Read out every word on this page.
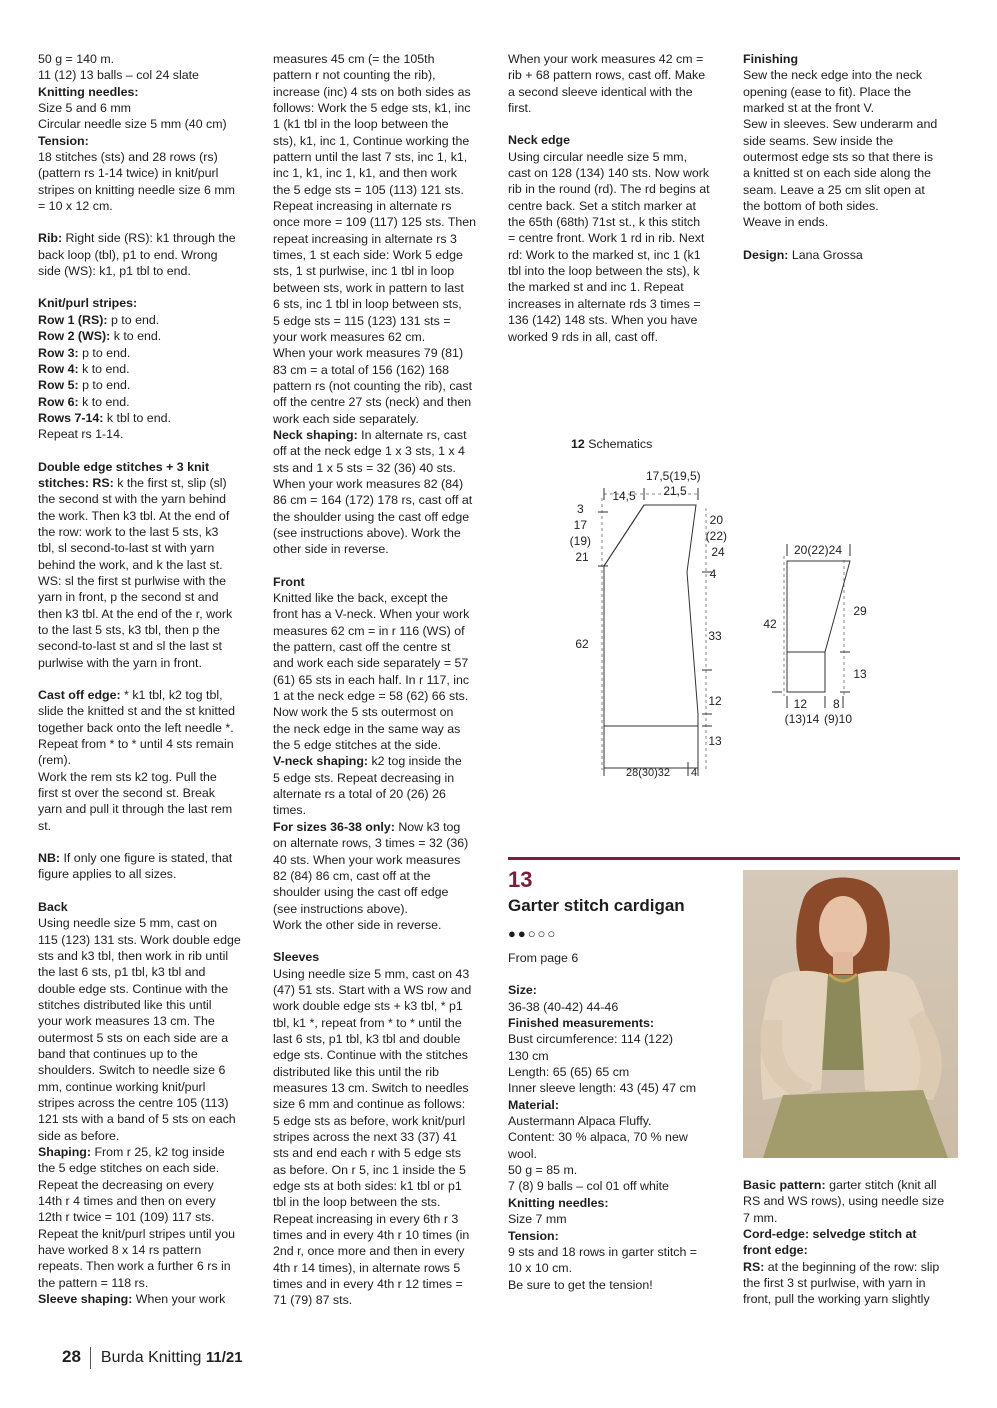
50 g = 140 m.

11 (12) 13 balls – col 24 slate

Knitting needles:

Size 5 and 6 mm

Circular needle size 5 mm (40 cm)

Tension:

18 stitches (sts) and 28 rows (rs)
(pattern rs 1-14 twice) in knit/purl
stripes on knitting needle size 6 mm
= 10 x 12 cm.

Rib: Right side (RS): k1 through the
back loop (tbl), p1 to end. Wrong
side (WS): k1, p1 tbl to end.

Knit/purl stripes:

Row 1 (RS): p to end.

Row 2 (WS): k to end.

Row 3: p to end.

Row 4: k to end.

Row 5: p to end.

Row 6: k to end.

Rows 7-14: k tbl to end.

Repeat rs 1-14.

Double edge stitches + 3 knit
stitches: RS: k the first st, slip (sl)
the second st with the yarn behind
the work. Then k3 tbl. At the end of
the row: work to the last 5 sts, k3
tbl, sl second-to-last st with yarn
behind the work, and k the last st.
WS: sl the first st purlwise with the
yarn in front, p the second st and
then k3 tbl. At the end of the r, work
to the last 5 sts, k3 tbl, then p the
second-to-last st and sl the last st
purlwise with the yarn in front.

Cast off edge: * k1 tbl, k2 tog tbl,
slide the knitted st and the st knitted
together back onto the left needle *.
Repeat from * to * until 4 sts remain
(rem).
Work the rem sts k2 tog. Pull the
first st over the second st. Break
yarn and pull it through the last rem
st.

NB: If only one figure is stated, that
figure applies to all sizes.

Back

Using needle size 5 mm, cast on
115 (123) 131 sts. Work double edge
sts and k3 tbl, then work in rib until
the last 6 sts, p1 tbl, k3 tbl and
double edge sts. Continue with the
stitches distributed like this until
your work measures 13 cm. The
outermost 5 sts on each side are a
band that continues up to the
shoulders. Switch to needle size 6
mm, continue working knit/purl
stripes across the centre 105 (113)
121 sts with a band of 5 sts on each
side as before.

Shaping: From r 25, k2 tog inside
the 5 edge stitches on each side.
Repeat the decreasing on every
14th r 4 times and then on every
12th r twice = 101 (109) 117 sts.
Repeat the knit/purl stripes until you
have worked 8 x 14 rs pattern
repeats. Then work a further 6 rs in
the pattern = 118 rs.

Sleeve shaping: When your work

measures 45 cm (= the 105th
pattern r not counting the rib),
increase (inc) 4 sts on both sides as
follows: Work the 5 edge sts, k1, inc
1 (k1 tbl in the loop between the
sts), k1, inc 1, Continue working the
pattern until the last 7 sts, inc 1, k1,
inc 1, k1, inc 1, k1, and then work
the 5 edge sts = 105 (113) 121 sts.
Repeat increasing in alternate rs
once more = 109 (117) 125 sts. Then
repeat increasing in alternate rs 3
times, 1 st each side: Work 5 edge
sts, 1 st purlwise, inc 1 tbl in loop
between sts, work in pattern to last
6 sts, inc 1 tbl in loop between sts,
5 edge sts = 115 (123) 131 sts =
your work measures 62 cm.
When your work measures 79 (81)
83 cm = a total of 156 (162) 168
pattern rs (not counting the rib), cast
off the centre 27 sts (neck) and then
work each side separately.

Neck shaping: In alternate rs, cast
off at the neck edge 1 x 3 sts, 1 x 4
sts and 1 x 5 sts = 32 (36) 40 sts.
When your work measures 82 (84)
86 cm = 164 (172) 178 rs, cast off at
the shoulder using the cast off edge
(see instructions above). Work the
other side in reverse.

Front

Knitted like the back, except the
front has a V-neck. When your work
measures 62 cm = in r 116 (WS) of
the pattern, cast off the centre st
and work each side separately = 57
(61) 65 sts in each half. In r 117, inc
1 at the neck edge = 58 (62) 66 sts.
Now work the 5 sts outermost on
the neck edge in the same way as
the 5 edge stitches at the side.

V-neck shaping: k2 tog inside the
5 edge sts. Repeat decreasing in
alternate rs a total of 20 (26) 26
times.

For sizes 36-38 only: Now k3 tog
on alternate rows, 3 times = 32 (36)
40 sts. When your work measures
82 (84) 86 cm, cast off at the
shoulder using the cast off edge
(see instructions above).
Work the other side in reverse.

Sleeves

Using needle size 5 mm, cast on 43
(47) 51 sts. Start with a WS row and
work double edge sts + k3 tbl, * p1
tbl, k1 *, repeat from * to * until the
last 6 sts, p1 tbl, k3 tbl and double
edge sts. Continue with the stitches
distributed like this until the rib
measures 13 cm. Switch to needles
size 6 mm and continue as follows:
5 edge sts as before, work knit/purl
stripes across the next 33 (37) 41
sts and end each r with 5 edge sts
as before. On r 5, inc 1 inside the 5
edge sts at both sides: k1 tbl or p1
tbl in the loop between the sts.
Repeat increasing in every 6th r 3
times and in every 4th r 10 times (in
2nd r, once more and then in every
4th r 14 times), in alternate rows 5
times and in every 4th r 12 times =
71 (79) 87 sts.

When your work measures 42 cm =
rib + 68 pattern rows, cast off. Make
a second sleeve identical with the
first.

Neck edge

Using circular needle size 5 mm,
cast on 128 (134) 140 sts. Now work
rib in the round (rd). The rd begins at
centre back. Set a stitch marker at
the 65th (68th) 71st st., k this stitch
= centre front. Work 1 rd in rib. Next
rd: Work to the marked st, inc 1 (k1
tbl into the loop between the sts), k
the marked st and inc 1. Repeat
increases in alternate rds 3 times =
136 (142) 148 sts. When you have
worked 9 rds in all, cast off.

Finishing

Sew the neck edge into the neck
opening (ease to fit). Place the
marked st at the front V.
Sew in sleeves. Sew underarm and
side seams. Sew inside the
outermost edge sts so that there is
a knitted st on each side along the
seam. Leave a 25 cm slit open at
the bottom of both sides.
Weave in ends.

Design: Lana Grossa

12 Schematics
17,5(19,5) 21,5
14,5
3 17 (19) 21
62
20 (22) 24
4
33
12
13
28(30)32 4
20(22)24
42
29
13
12 (13)14
8 (9)10
13
Garter stitch cardigan
●●○○○

From page 6

Size:

36-38 (40-42) 44-46

Finished measurements:

Bust circumference: 114 (122)
130 cm
Length: 65 (65) 65 cm
Inner sleeve length: 43 (45) 47 cm

Material:

Austermann Alpaca Fluffy.
Content: 30 % alpaca, 70 % new
wool.
50 g = 85 m.
7 (8) 9 balls – col 01 off white

Knitting needles:

Size 7 mm

Tension:

9 sts and 18 rows in garter stitch =
10 x 10 cm.

Be sure to get the tension!

Basic pattern: garter stitch (knit all
RS and WS rows), using needle size
7 mm.

Cord-edge: selvedge stitch at
front edge:

RS: at the beginning of the row: slip
the first 3 st purlwise, with yarn in
front, pull the working yarn slightly

28 Burda Knitting 11/21
